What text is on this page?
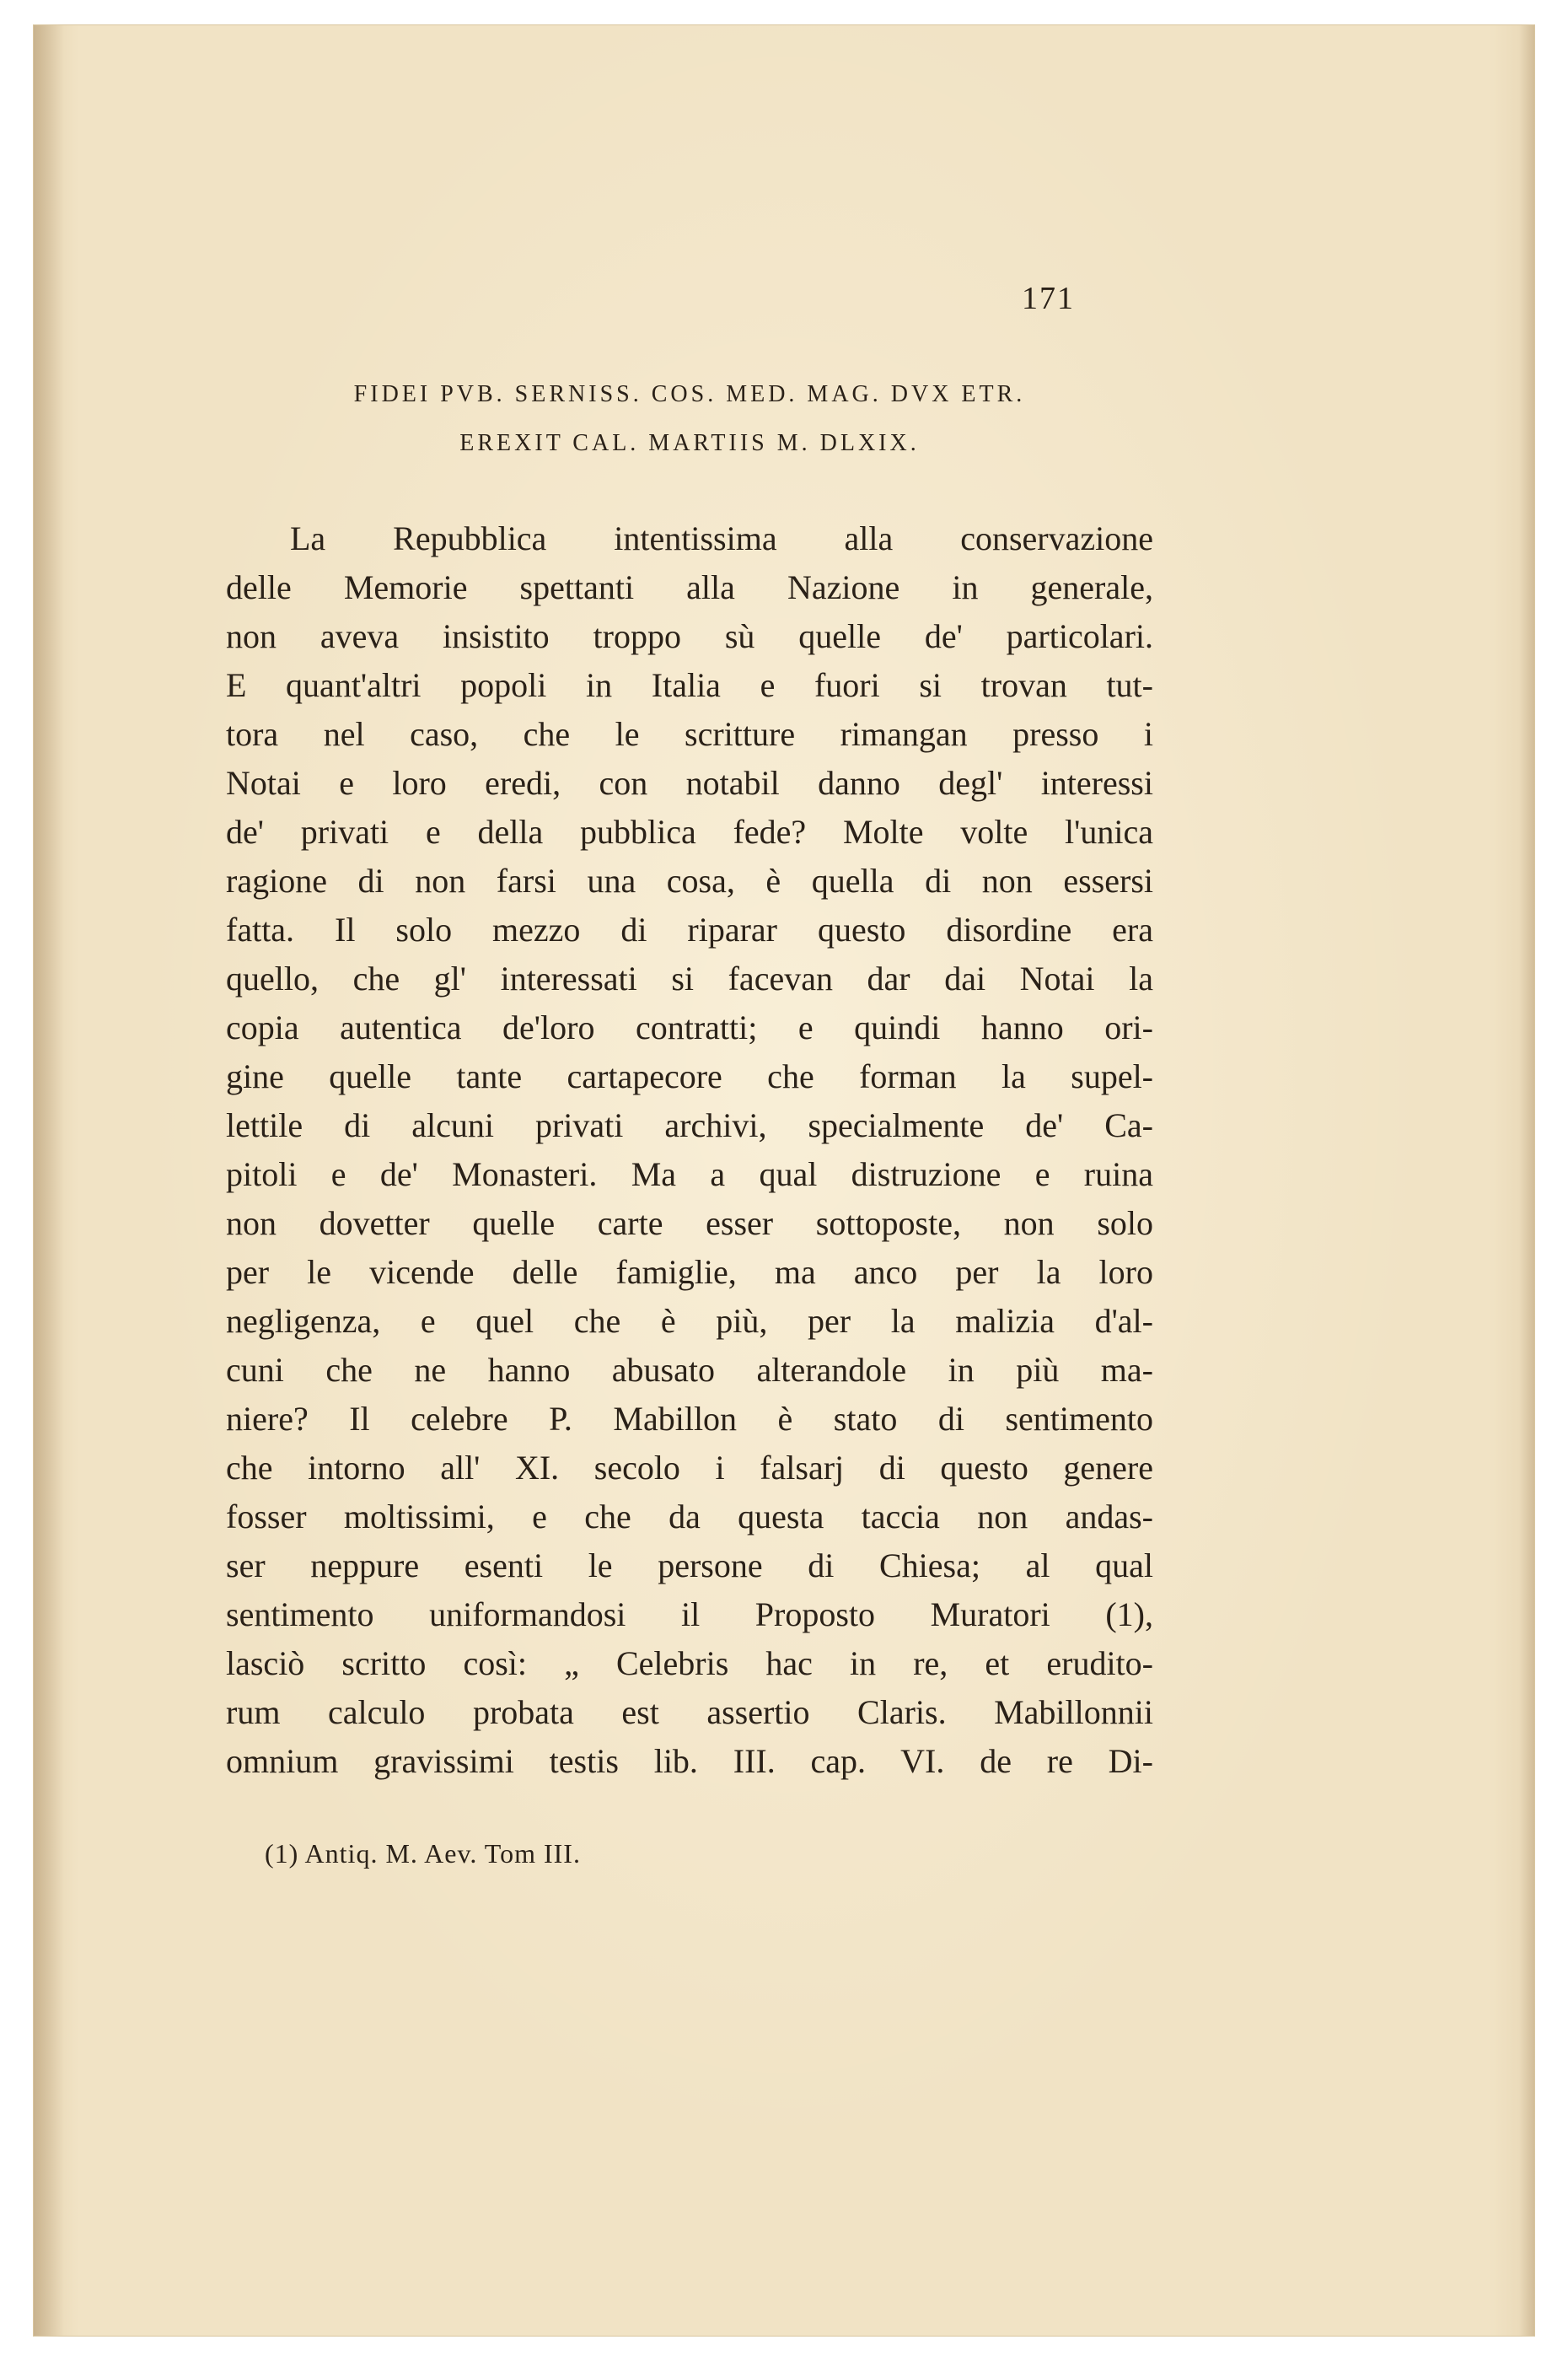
171
FIDEI PVB. SERNISS. COS. MED. MAG. DVX ETR.
EREXIT CAL. MARTIIS M. DLXIX.
La Repubblica intentissima alla conservazione
delle Memorie spettanti alla Nazione in generale,
non aveva insistito troppo sù quelle de' particolari.
E quant'altri popoli in Italia e fuori si trovan tut-
tora nel caso, che le scritture rimangan presso i
Notai e loro eredi, con notabil danno degl' interessi
de' privati e della pubblica fede? Molte volte l'unica
ragione di non farsi una cosa, è quella di non essersi
fatta. Il solo mezzo di riparar questo disordine era
quello, che gl' interessati si facevan dar dai Notai la
copia autentica de'loro contratti; e quindi hanno ori-
gine quelle tante cartapecore che forman la supel-
lettile di alcuni privati archivi, specialmente de' Ca-
pitoli e de' Monasteri. Ma a qual distruzione e ruina
non dovetter quelle carte esser sottoposte, non solo
per le vicende delle famiglie, ma anco per la loro
negligenza, e quel che è più, per la malizia d'al-
cuni che ne hanno abusato alterandole in più ma-
niere? Il celebre P. Mabillon è stato di sentimento
che intorno all' XI. secolo i falsarj di questo genere
fosser moltissimi, e che da questa taccia non andas-
ser neppure esenti le persone di Chiesa; al qual
sentimento uniformandosi il Proposto Muratori (1),
lasciò scritto così: „ Celebris hac in re, et erudito-
rum calculo probata est assertio Claris. Mabillonnii
omnium gravissimi testis lib. III. cap. VI. de re Di-
(1) Antiq. M. Aev. Tom III.
